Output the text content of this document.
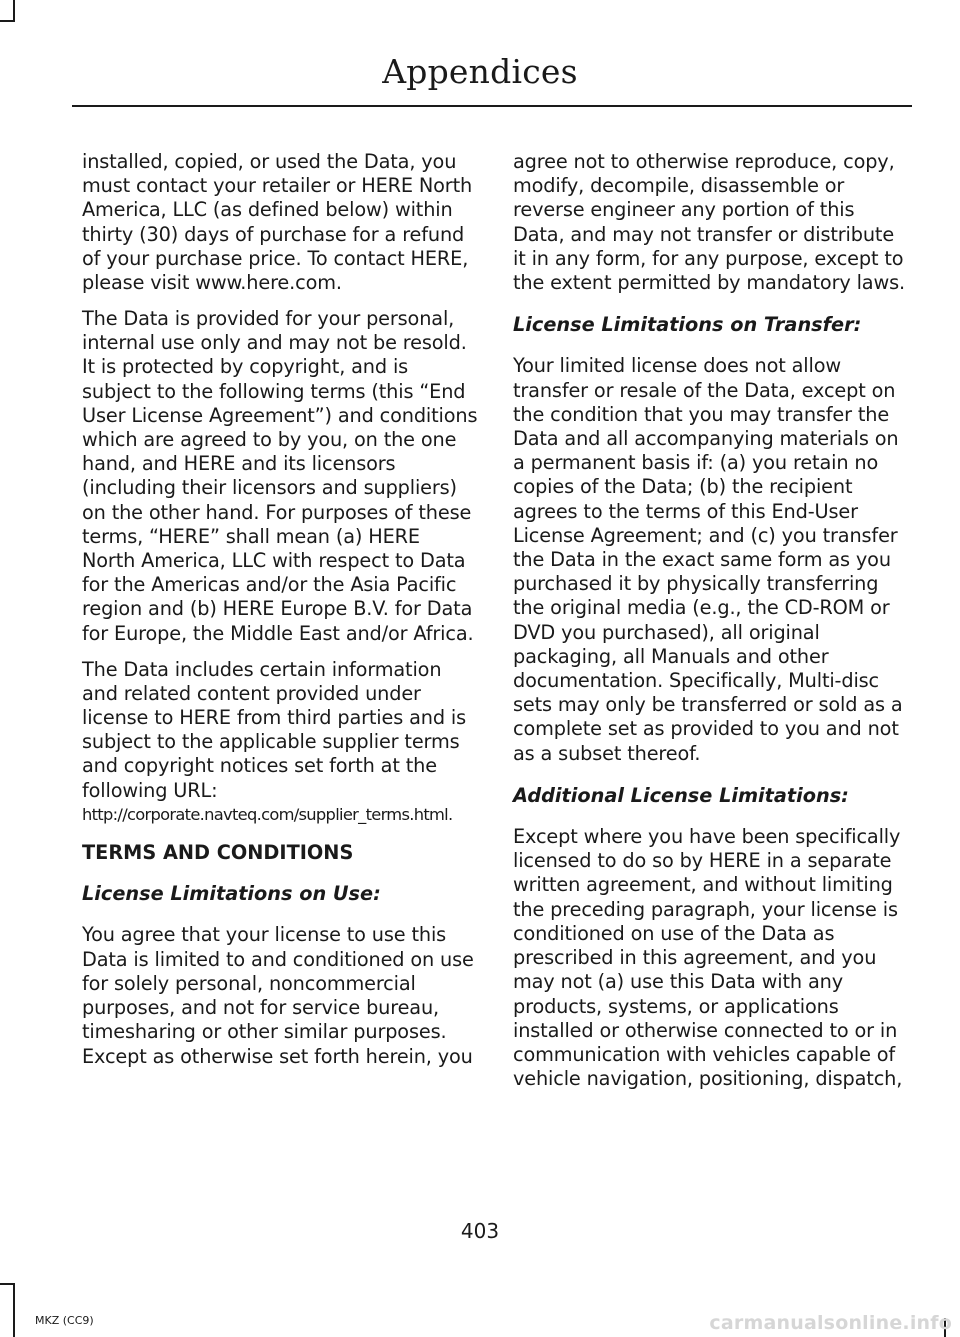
Appendices

installed, copied, or used the Data, you must contact your retailer or HERE North America, LLC (as defined below) within thirty (30) days of purchase for a refund of your purchase price. To contact HERE, please visit www.here.com.

The Data is provided for your personal, internal use only and may not be resold. It is protected by copyright, and is subject to the following terms (this “End User License Agreement”) and conditions which are agreed to by you, on the one hand, and HERE and its licensors (including their licensors and suppliers) on the other hand. For purposes of these terms, “HERE” shall mean (a) HERE North America, LLC with respect to Data for the Americas and/or the Asia Pacific region and (b) HERE Europe B.V. for Data for Europe, the Middle East and/or Africa.

The Data includes certain information and related content provided under license to HERE from third parties and is subject to the applicable supplier terms and copyright notices set forth at the following URL:

http://corporate.navteq.com/supplier_terms.html.

TERMS AND CONDITIONS
License Limitations on Use:

You agree that your license to use this Data is limited to and conditioned on use for solely personal, noncommercial purposes, and not for service bureau, timesharing or other similar purposes. Except as otherwise set forth herein, you

agree not to otherwise reproduce, copy, modify, decompile, disassemble or reverse engineer any portion of this Data, and may not transfer or distribute it in any form, for any purpose, except to the extent permitted by mandatory laws.

License Limitations on Transfer:

Your limited license does not allow transfer or resale of the Data, except on the condition that you may transfer the Data and all accompanying materials on a permanent basis if: (a) you retain no copies of the Data; (b) the recipient agrees to the terms of this End-User License Agreement; and (c) you transfer the Data in the exact same form as you purchased it by physically transferring the original media (e.g., the CD-ROM or DVD you purchased), all original packaging, all Manuals and other documentation. Specifically, Multi-disc sets may only be transferred or sold as a complete set as provided to you and not as a subset thereof.

Additional License Limitations:

Except where you have been specifically licensed to do so by HERE in a separate written agreement, and without limiting the preceding paragraph, your license is conditioned on use of the Data as prescribed in this agreement, and you may not (a) use this Data with any products, systems, or applications installed or otherwise connected to or in communication with vehicles capable of vehicle navigation, positioning, dispatch,

403
MKZ (CC9)	carmanualsonline.info
